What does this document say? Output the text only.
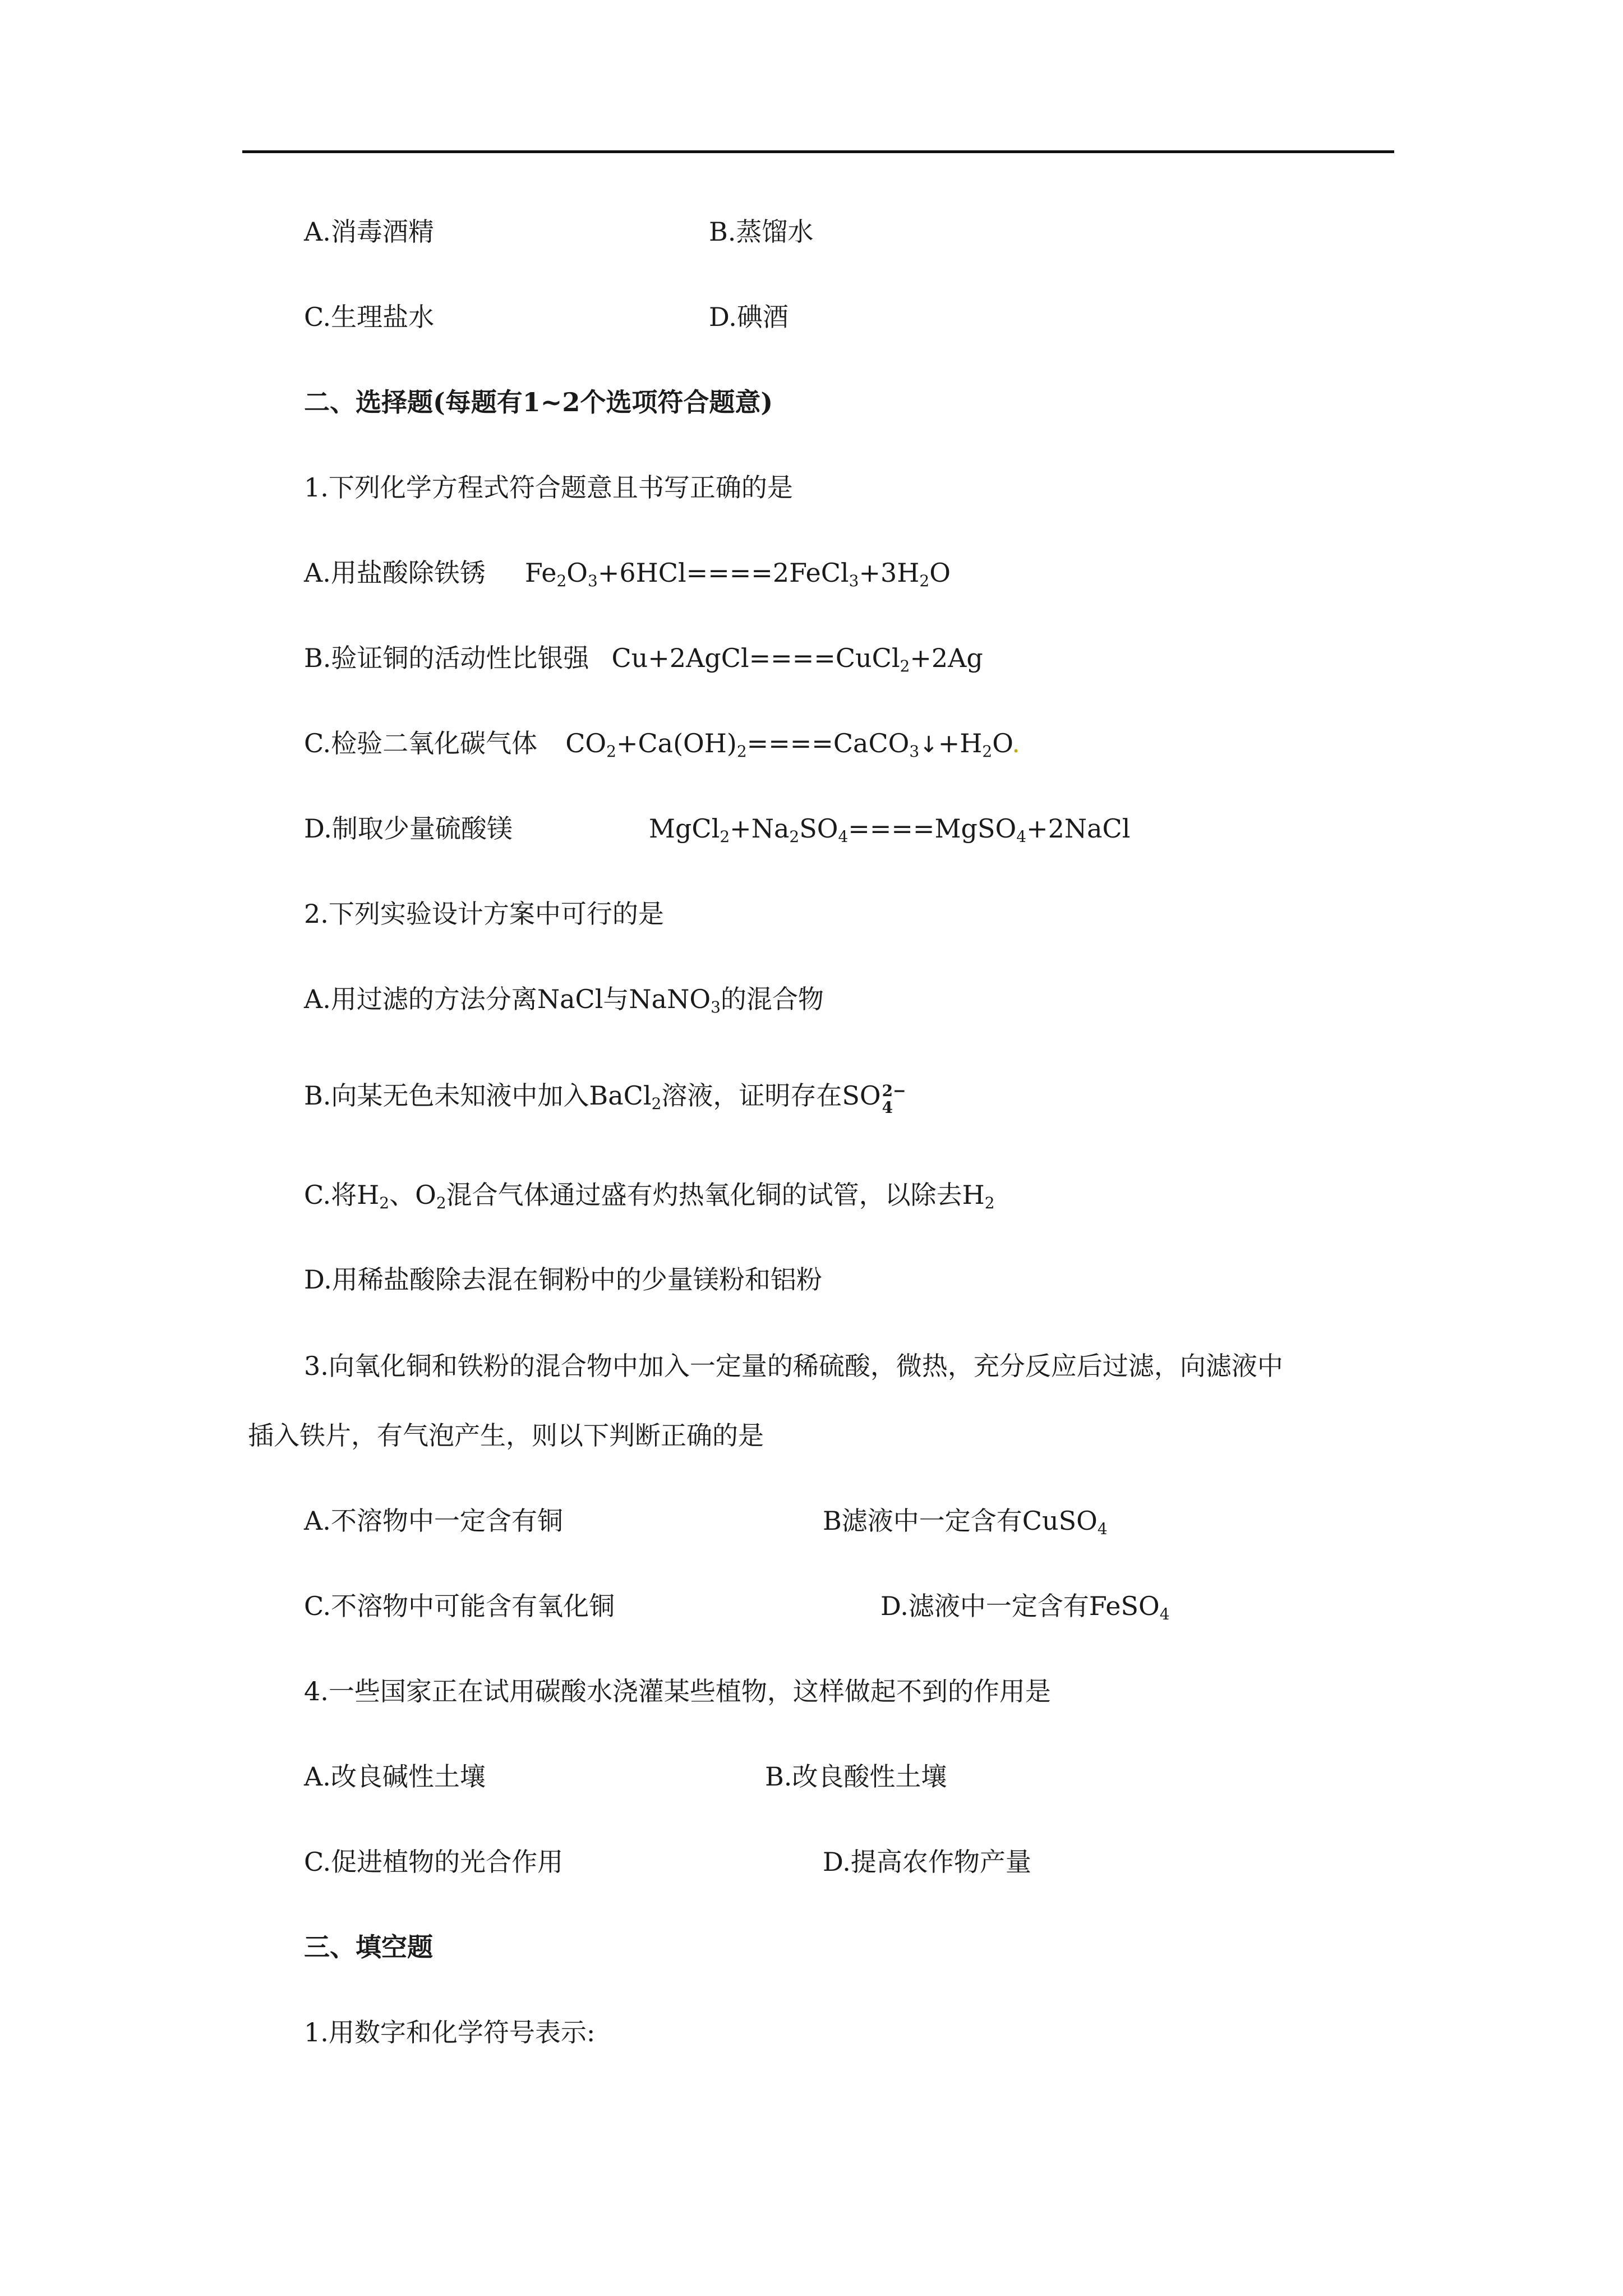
A.消毒酒精	B.蒸馏水
C.生理盐水	D.碘酒
二、选择题(每题有1~2个选项符合题意)
1.下列化学方程式符合题意且书写正确的是
A.用盐酸除铁锈 $Fe_2O_3+6HCl====2FeCl_3+3H_2O$
B.验证铜的活动性比银强 Cu+2AgCl====CuCl$_2$+2Ag
C.检验二氧化碳气体 $CO_2+Ca(OH)_2====CaCO_3↓+H_2O$.
D.制取少量硫酸镁	$MgCl_2+Na_2SO_4====MgSO_4+2NaCl$
2.下列实验设计方案中可行的是
A.用过滤的方法分离NaCl与NaNO$_3$的混合物
B.向某无色未知液中加入BaCl$_2$溶液，证明存在SO 2−
4
C.将$H_2$、$O_2$混合气体通过盛有灼热氧化铜的试管，以除去$H_2$
D.用稀盐酸除去混在铜粉中的少量镁粉和铝粉
3.向氧化铜和铁粉的混合物中加入一定量的稀硫酸，微热，充分反应后过滤，向滤液中
插入铁片，有气泡产生，则以下判断正确的是
A.不溶物中一定含有铜	B滤液中一定含有CuSO$_4$
C.不溶物中可能含有氧化铜	D.滤液中一定含有FeSO$_4$
4.一些国家正在试用碳酸水浇灌某些植物，这样做起不到的作用是
A.改良碱性土壤	B.改良酸性土壤
C.促进植物的光合作用	D.提高农作物产量
三、填空题
1.用数字和化学符号表示:
